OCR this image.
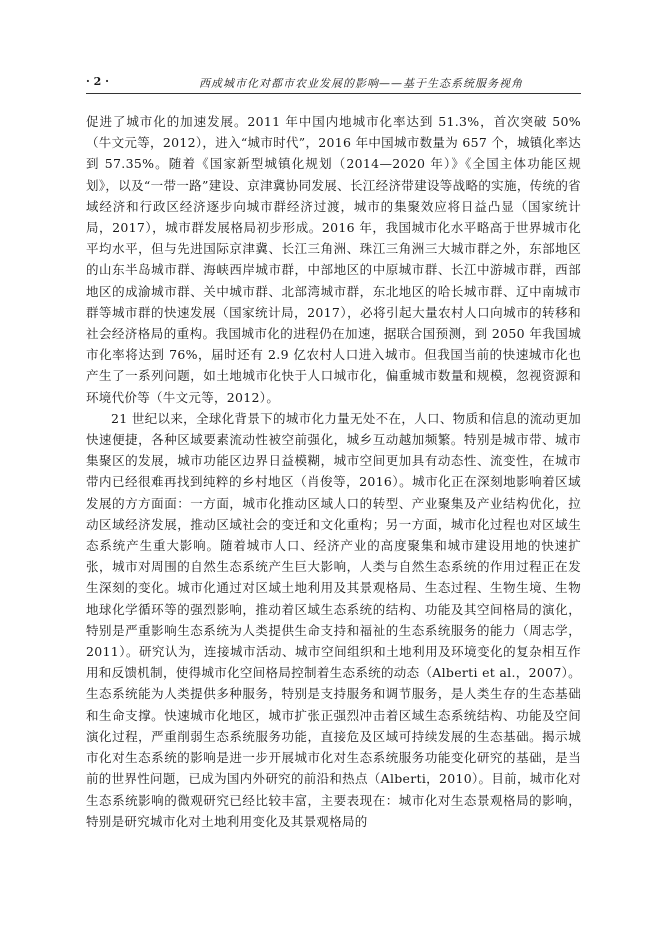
· 2 ·	西成城市化对都市农业发展的影响——基于生态系统服务视角

促进了城市化的加速发展。2011 年中国内地城市化率达到 51.3%，首次突破 50%（牛文元等，2012），进入“城市时代”，2016 年中国城市数量为 657 个，城镇化率达到 57.35%。随着《国家新型城镇化规划（2014—2020 年）》《全国主体功能区规划》，以及“一带一路”建设、京津冀协同发展、长江经济带建设等战略的实施，传统的省域经济和行政区经济逐步向城市群经济过渡，城市的集聚效应将日益凸显（国家统计局，2017），城市群发展格局初步形成。2016 年，我国城市化水平略高于世界城市化平均水平，但与先进国际京津冀、长江三角洲、珠江三角洲三大城市群之外，东部地区的山东半岛城市群、海峡西岸城市群，中部地区的中原城市群、长江中游城市群，西部地区的成渝城市群、关中城市群、北部湾城市群，东北地区的哈长城市群、辽中南城市群等城市群的快速发展（国家统计局，2017），必将引起大量农村人口向城市的转移和社会经济格局的重构。我国城市化的进程仍在加速，据联合国预测，到 2050 年我国城市化率将达到 76%，届时还有 2.9 亿农村人口进入城市。但我国当前的快速城市化也产生了一系列问题，如土地城市化快于人口城市化，偏重城市数量和规模，忽视资源和环境代价等（牛文元等，2012）。

21 世纪以来，全球化背景下的城市化力量无处不在，人口、物质和信息的流动更加快速便捷，各种区域要素流动性被空前强化，城乡互动越加频繁。特别是城市带、城市集聚区的发展，城市功能区边界日益模糊，城市空间更加具有动态性、流变性，在城市带内已经很难再找到纯粹的乡村地区（肖俊等，2016）。城市化正在深刻地影响着区域发展的方方面面：一方面，城市化推动区域人口的转型、产业聚集及产业结构优化，拉动区域经济发展，推动区域社会的变迁和文化重构；另一方面，城市化过程也对区域生态系统产生重大影响。随着城市人口、经济产业的高度聚集和城市建设用地的快速扩张，城市对周围的自然生态系统产生巨大影响，人类与自然生态系统的作用过程正在发生深刻的变化。城市化通过对区域土地利用及其景观格局、生态过程、生物生境、生物地球化学循环等的强烈影响，推动着区域生态系统的结构、功能及其空间格局的演化，特别是严重影响生态系统为人类提供生命支持和福祉的生态系统服务的能力（周志学，2011）。研究认为，连接城市活动、城市空间组织和土地利用及环境变化的复杂相互作用和反馈机制，使得城市化空间格局控制着生态系统的动态（Alberti et al.，2007）。生态系统能为人类提供多种服务，特别是支持服务和调节服务，是人类生存的生态基础和生命支撑。快速城市化地区，城市扩张正强烈冲击着区域生态系统结构、功能及空间演化过程，严重削弱生态系统服务功能，直接危及区域可持续发展的生态基础。揭示城市化对生态系统的影响是进一步开展城市化对生态系统服务功能变化研究的基础，是当前的世界性问题，已成为国内外研究的前沿和热点（Alberti，2010）。目前，城市化对生态系统影响的微观研究已经比较丰富，主要表现在：城市化对生态景观格局的影响，特别是研究城市化对土地利用变化及其景观格局的
